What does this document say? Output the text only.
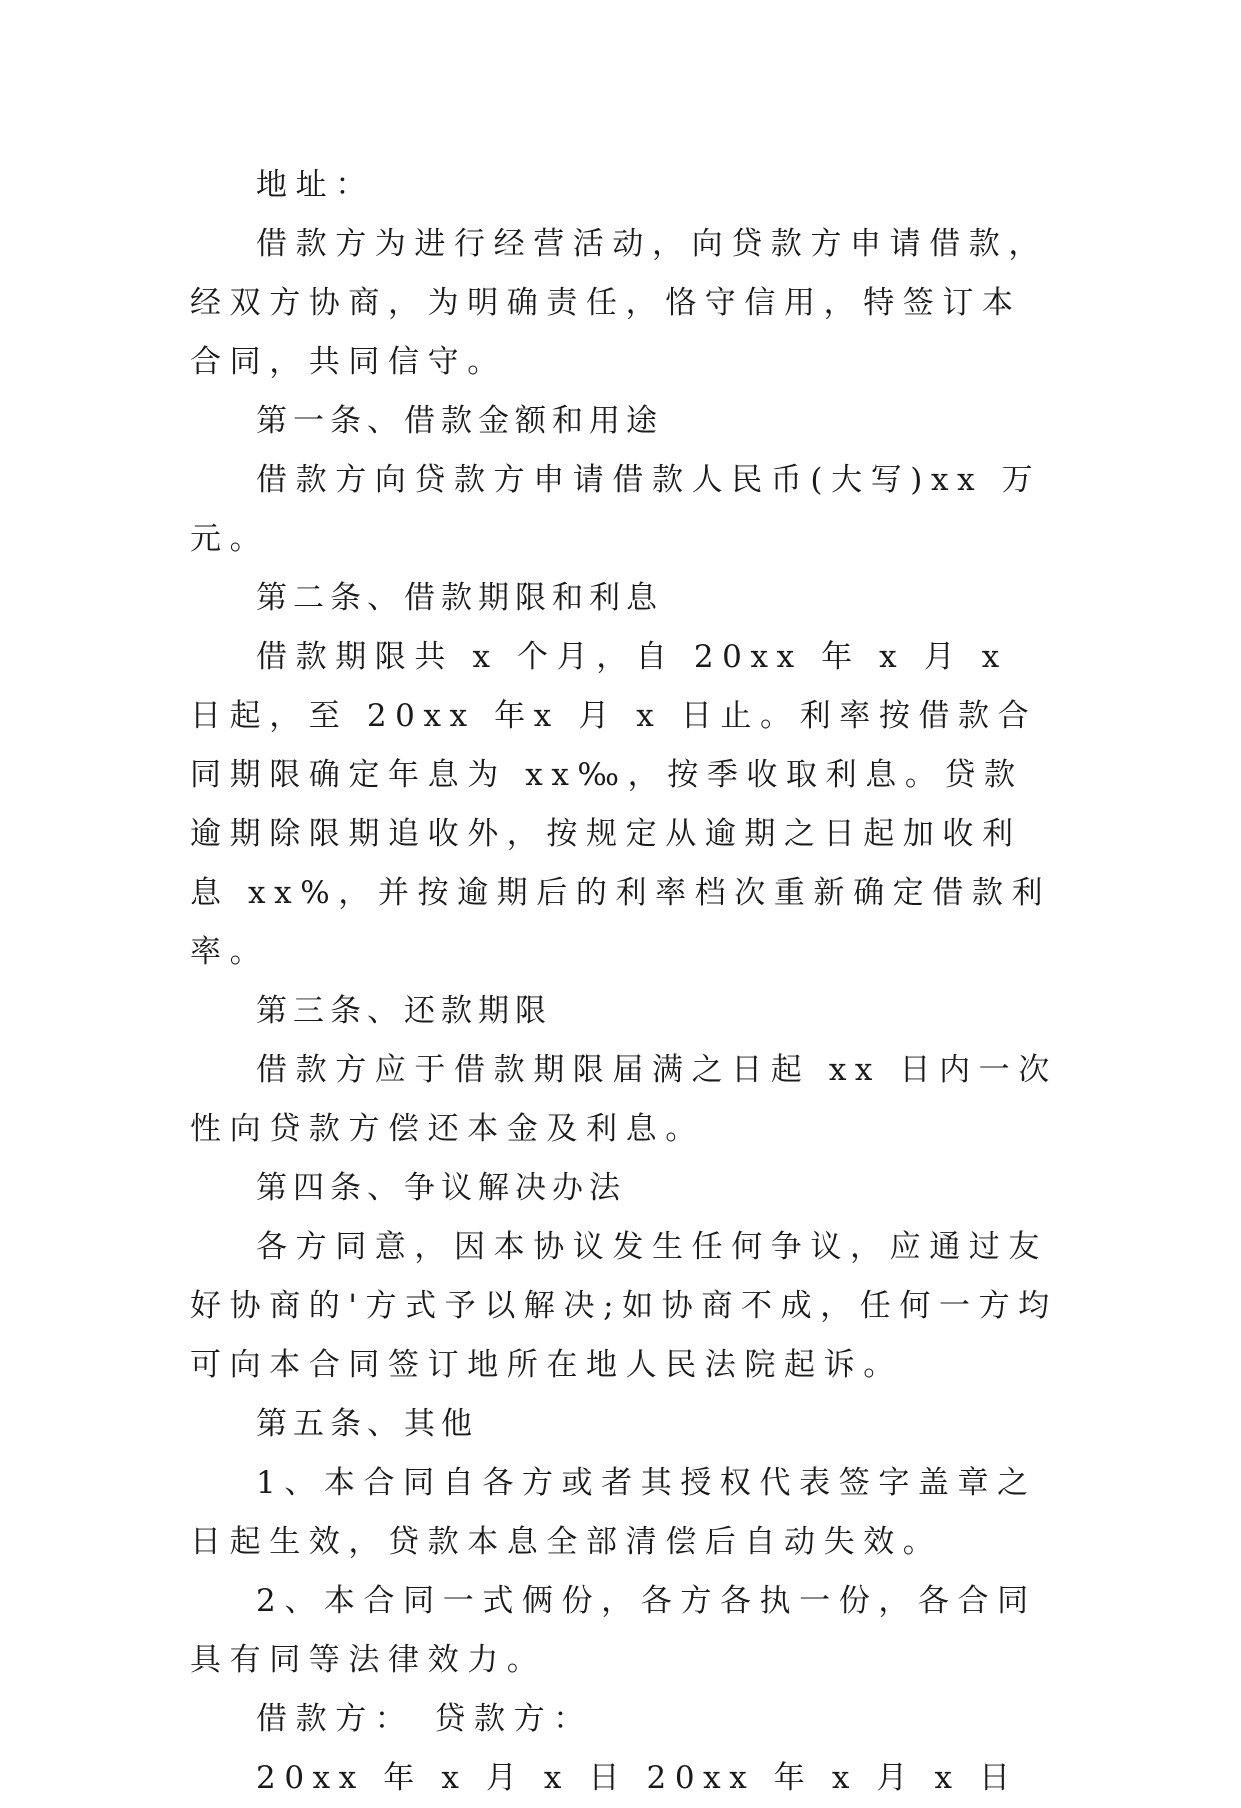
地址：

借款方为进行经营活动，向贷款方申请借款，经双方协商，为明确责任，恪守信用，特签订本合同，共同信守。

第一条、借款金额和用途

借款方向贷款方申请借款人民币(大写)xx 万元。

第二条、借款期限和利息

借款期限共 x 个月，自 20xx 年 x 月 x 日起，至 20xx 年x 月 x 日止。利率按借款合同期限确定年息为 xx‰，按季收取利息。贷款逾期除限期追收外，按规定从逾期之日起加收利息 xx%，并按逾期后的利率档次重新确定借款利率。

第三条、还款期限

借款方应于借款期限届满之日起 xx 日内一次性向贷款方偿还本金及利息。

第四条、争议解决办法

各方同意，因本协议发生任何争议，应通过友好协商的'方式予以解决;如协商不成，任何一方均可向本合同签订地所在地人民法院起诉。

第五条、其他

1、本合同自各方或者其授权代表签字盖章之日起生效，贷款本息全部清偿后自动失效。

2、本合同一式俩份，各方各执一份，各合同具有同等法律效力。

借款方： 贷款方：

20xx 年 x 月 x 日 20xx 年 x 月 x 日
